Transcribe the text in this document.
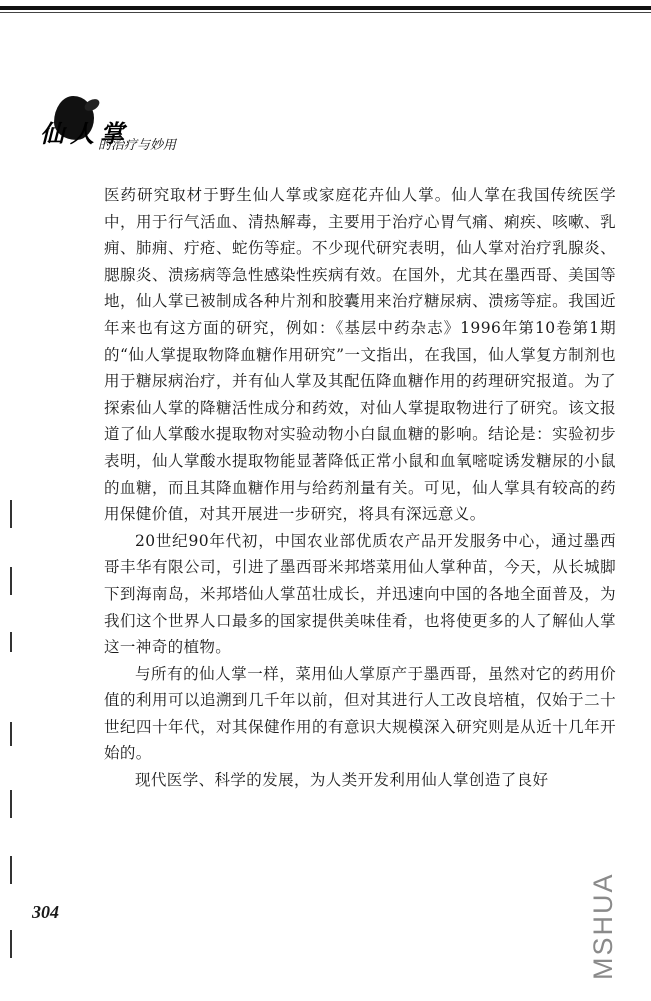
仙人掌
的治疗与妙用

医药研究取材于野生仙人掌或家庭花卉仙人掌。仙人掌在我国传统医学中，用于行气活血、清热解毒，主要用于治疗心胃气痛、痢疾、咳嗽、乳痈、肺痈、疔疮、蛇伤等症。不少现代研究表明，仙人掌对治疗乳腺炎、腮腺炎、溃疡病等急性感染性疾病有效。在国外，尤其在墨西哥、美国等地，仙人掌已被制成各种片剂和胶囊用来治疗糖尿病、溃疡等症。我国近年来也有这方面的研究，例如：《基层中药杂志》1996年第10卷第1期的“仙人掌提取物降血糖作用研究”一文指出，在我国，仙人掌复方制剂也用于糖尿病治疗，并有仙人掌及其配伍降血糖作用的药理研究报道。为了探索仙人掌的降糖活性成分和药效，对仙人掌提取物进行了研究。该文报道了仙人掌酸水提取物对实验动物小白鼠血糖的影响。结论是：实验初步表明，仙人掌酸水提取物能显著降低正常小鼠和血氧嘧啶诱发糖尿的小鼠的血糖，而且其降血糖作用与给药剂量有关。可见，仙人掌具有较高的药用保健价值，对其开展进一步研究，将具有深远意义。

20世纪90年代初，中国农业部优质农产品开发服务中心，通过墨西哥丰华有限公司，引进了墨西哥米邦塔菜用仙人掌种苗，今天，从长城脚下到海南岛，米邦塔仙人掌茁壮成长，并迅速向中国的各地全面普及，为我们这个世界人口最多的国家提供美味佳肴，也将使更多的人了解仙人掌这一神奇的植物。

与所有的仙人掌一样，菜用仙人掌原产于墨西哥，虽然对它的药用价值的利用可以追溯到几千年以前，但对其进行人工改良培植，仅始于二十世纪四十年代，对其保健作用的有意识大规模深入研究则是从近十几年开始的。

现代医学、科学的发展，为人类开发利用仙人掌创造了良好

304	MSHUA
